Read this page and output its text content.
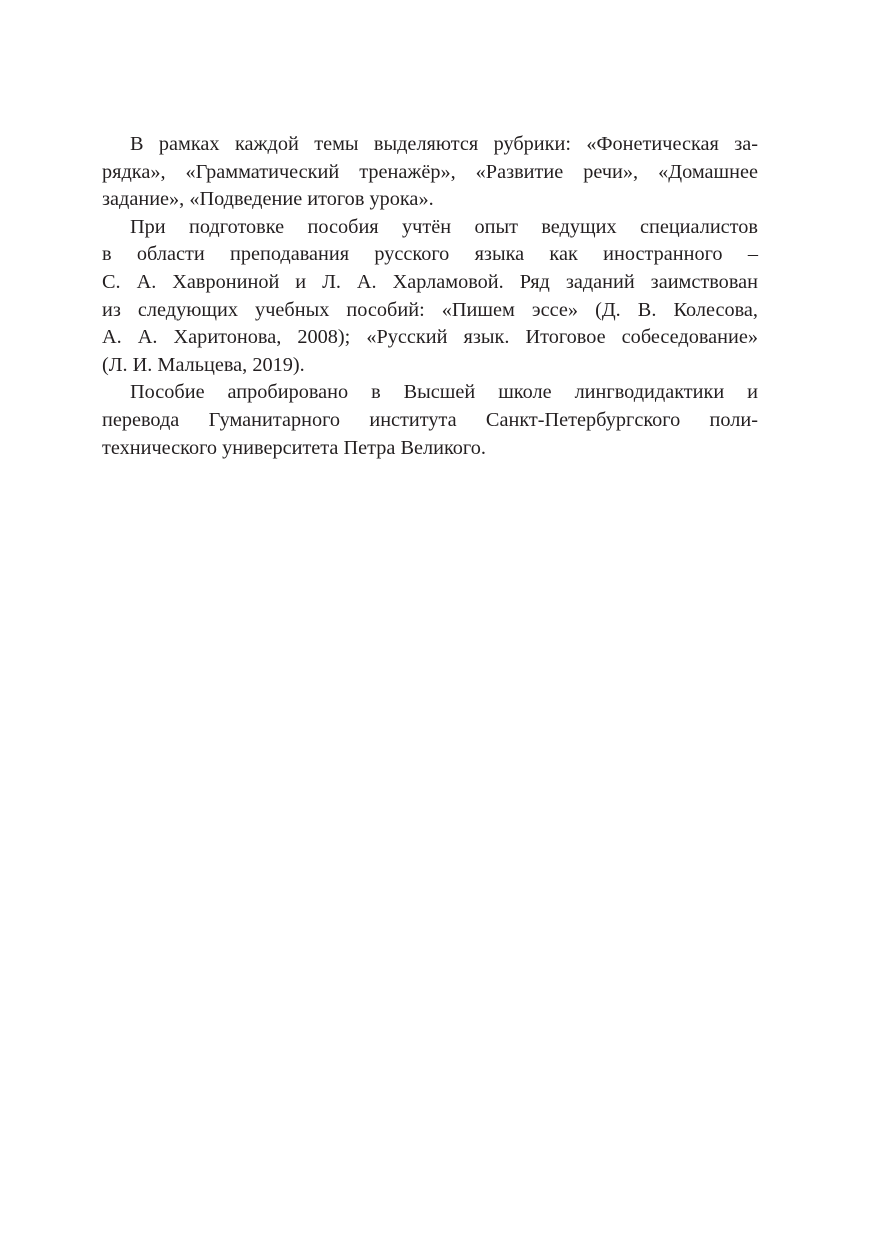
В рамках каждой темы выделяются рубрики: «Фонетическая за-
рядка», «Грамматический тренажёр», «Развитие речи», «Домашнее
задание», «Подведение итогов урока».
При подготовке пособия учтён опыт ведущих специалистов
в области преподавания русского языка как иностранного –
С. А. Хаврониной и Л. А. Харламовой. Ряд заданий заимствован
из следующих учебных пособий: «Пишем эссе» (Д. В. Колесова,
А. А. Харитонова, 2008); «Русский язык. Итоговое собеседование»
(Л. И. Мальцева, 2019).
Пособие апробировано в Высшей школе лингводидактики и
перевода Гуманитарного института Санкт-Петербургского поли-
технического университета Петра Великого.
